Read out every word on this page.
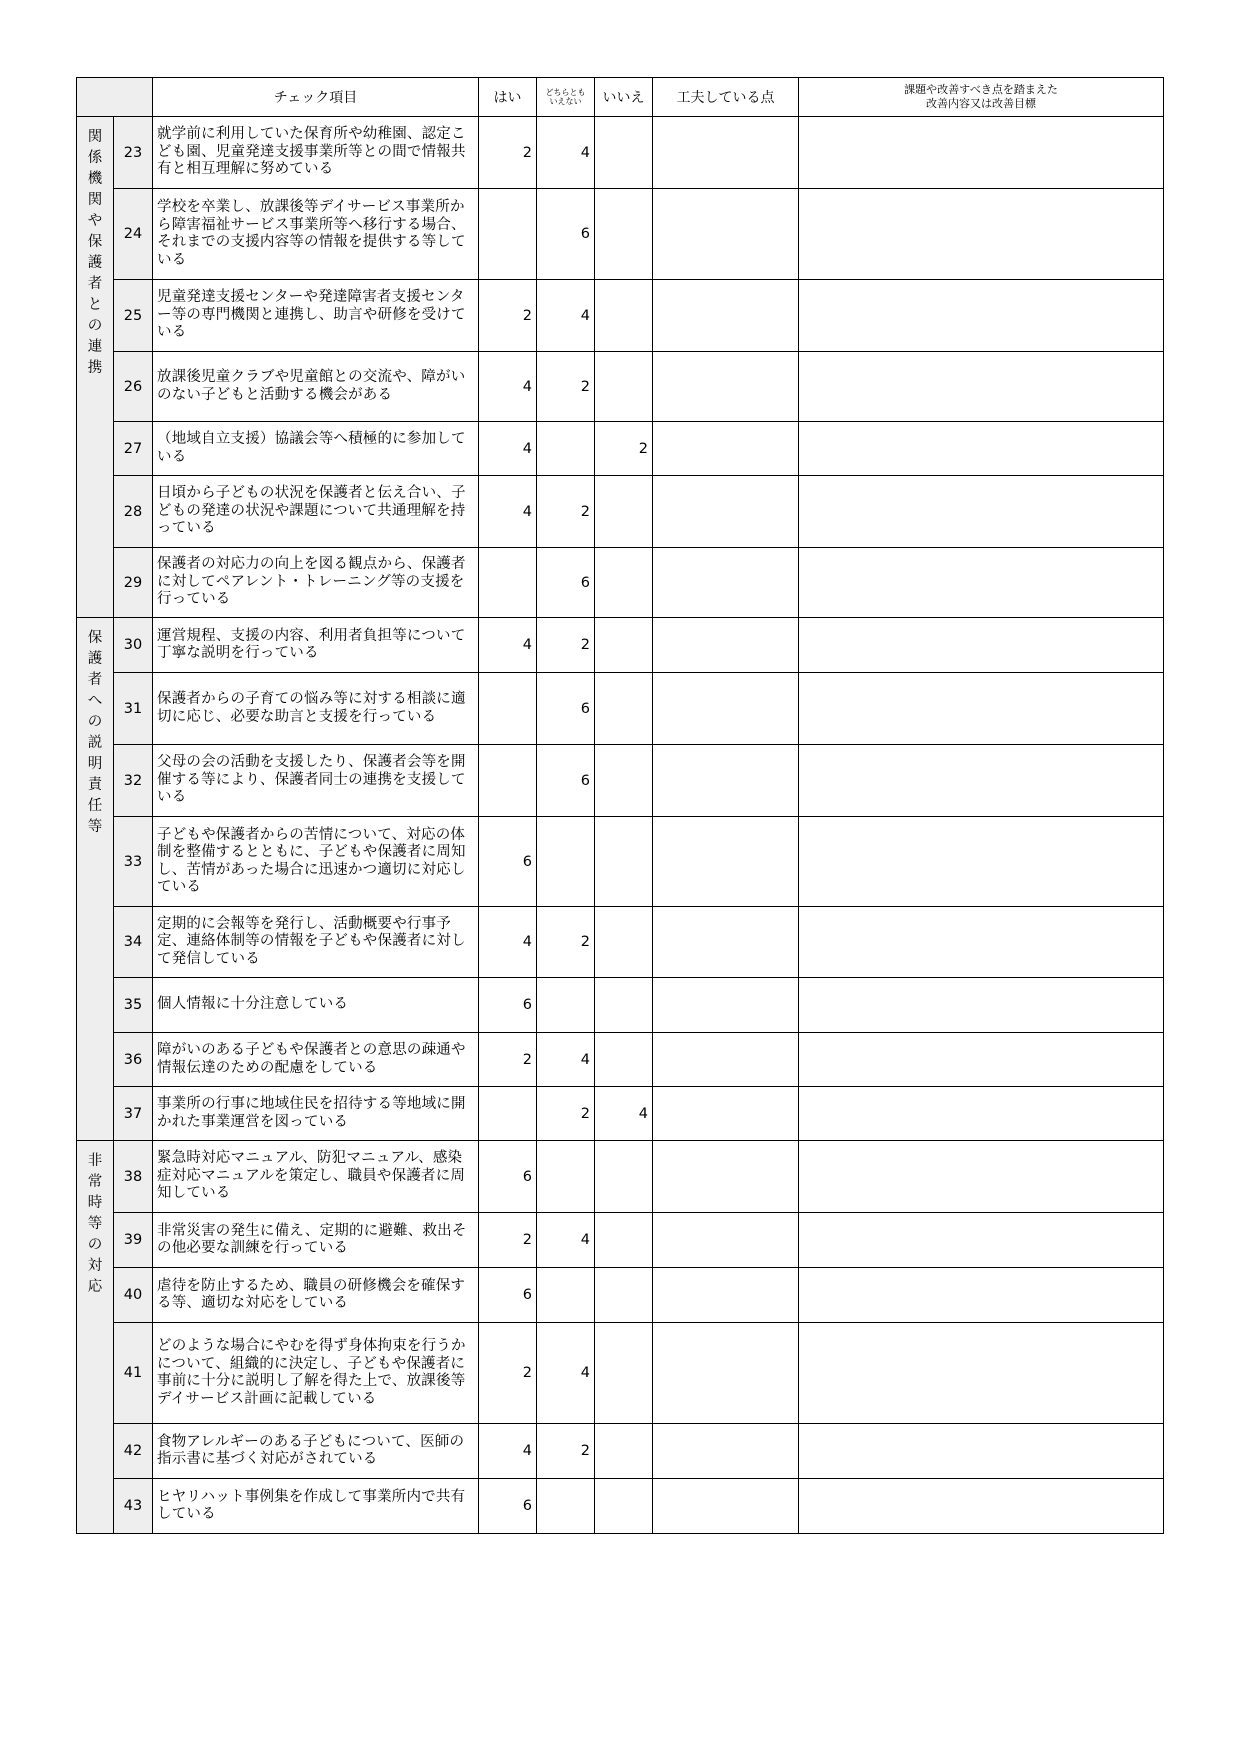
		チェック項目	はい	どちらとも
いえない	いいえ	工夫している点	課題や改善すべき点を踏まえた
改善内容又は改善目標

関係機関や保護者との連携	23	就学前に利用していた保育所や幼稚園、認定こども園、児童発達支援事業所等との間で情報共有と相互理解に努めている	2	4			
	24	学校を卒業し、放課後等デイサービス事業所から障害福祉サービス事業所等へ移行する場合、それまでの支援内容等の情報を提供する等している		6			
	25	児童発達支援センターや発達障害者支援センター等の専門機関と連携し、助言や研修を受けている	2	4			
	26	放課後児童クラブや児童館との交流や、障がいのない子どもと活動する機会がある	4	2			
	27	（地域自立支援）協議会等へ積極的に参加している	4		2		
	28	日頃から子どもの状況を保護者と伝え合い、子どもの発達の状況や課題について共通理解を持っている	4	2			
	29	保護者の対応力の向上を図る観点から、保護者に対してペアレント・トレーニング等の支援を行っている		6			
保護者への説明責任等	30	運営規程、支援の内容、利用者負担等について丁寧な説明を行っている	4	2			
	31	保護者からの子育ての悩み等に対する相談に適切に応じ、必要な助言と支援を行っている		6			
	32	父母の会の活動を支援したり、保護者会等を開催する等により、保護者同士の連携を支援している		6			
	33	子どもや保護者からの苦情について、対応の体制を整備するとともに、子どもや保護者に周知し、苦情があった場合に迅速かつ適切に対応している	6				
	34	定期的に会報等を発行し、活動概要や行事予定、連絡体制等の情報を子どもや保護者に対して発信している	4	2			
	35	個人情報に十分注意している	6				
	36	障がいのある子どもや保護者との意思の疎通や情報伝達のための配慮をしている	2	4			
	37	事業所の行事に地域住民を招待する等地域に開かれた事業運営を図っている		2	4		
非常時等の対応	38	緊急時対応マニュアル、防犯マニュアル、感染症対応マニュアルを策定し、職員や保護者に周知している	6				
	39	非常災害の発生に備え、定期的に避難、救出その他必要な訓練を行っている	2	4			
	40	虐待を防止するため、職員の研修機会を確保する等、適切な対応をしている	6				
	41	どのような場合にやむを得ず身体拘束を行うかについて、組織的に決定し、子どもや保護者に事前に十分に説明し了解を得た上で、放課後等デイサービス計画に記載している	2	4			
	42	食物アレルギーのある子どもについて、医師の指示書に基づく対応がされている	4	2			
	43	ヒヤリハット事例集を作成して事業所内で共有している	6				
